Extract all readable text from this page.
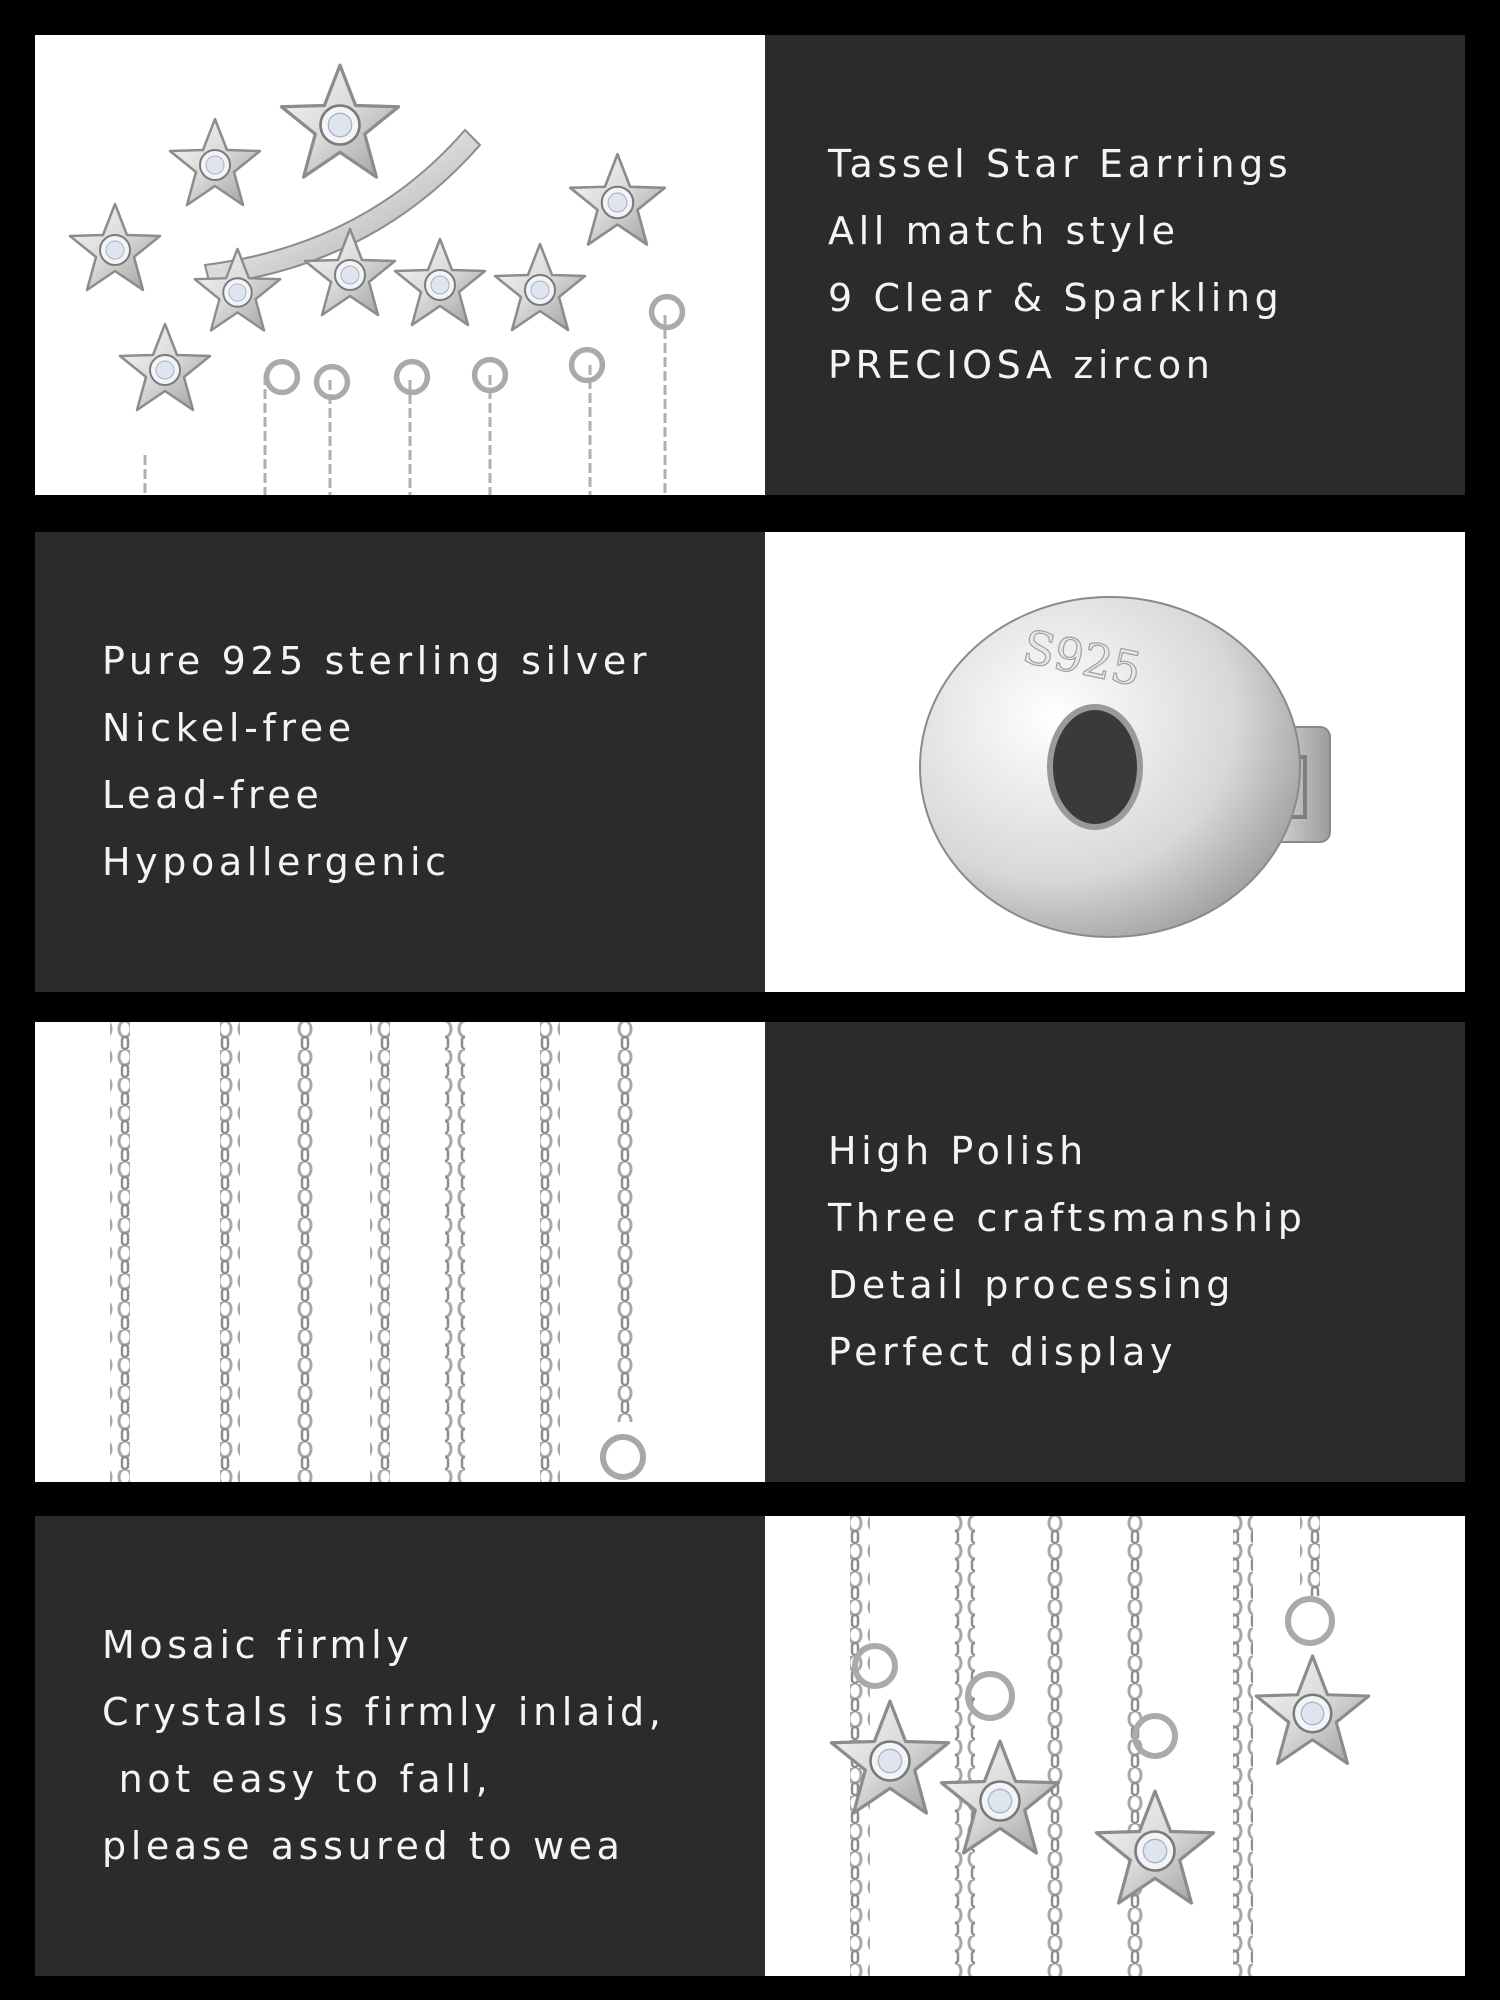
Tassel Star Earrings
All match style
9 Clear & Sparkling
PRECIOSA zircon
Pure 925 sterling silver
Nickel-free
Lead-free
Hypoallergenic
S925
High Polish
Three craftsmanship
Detail processing
Perfect display
Mosaic firmly
Crystals is firmly inlaid,
not easy to fall,
please assured to wea
